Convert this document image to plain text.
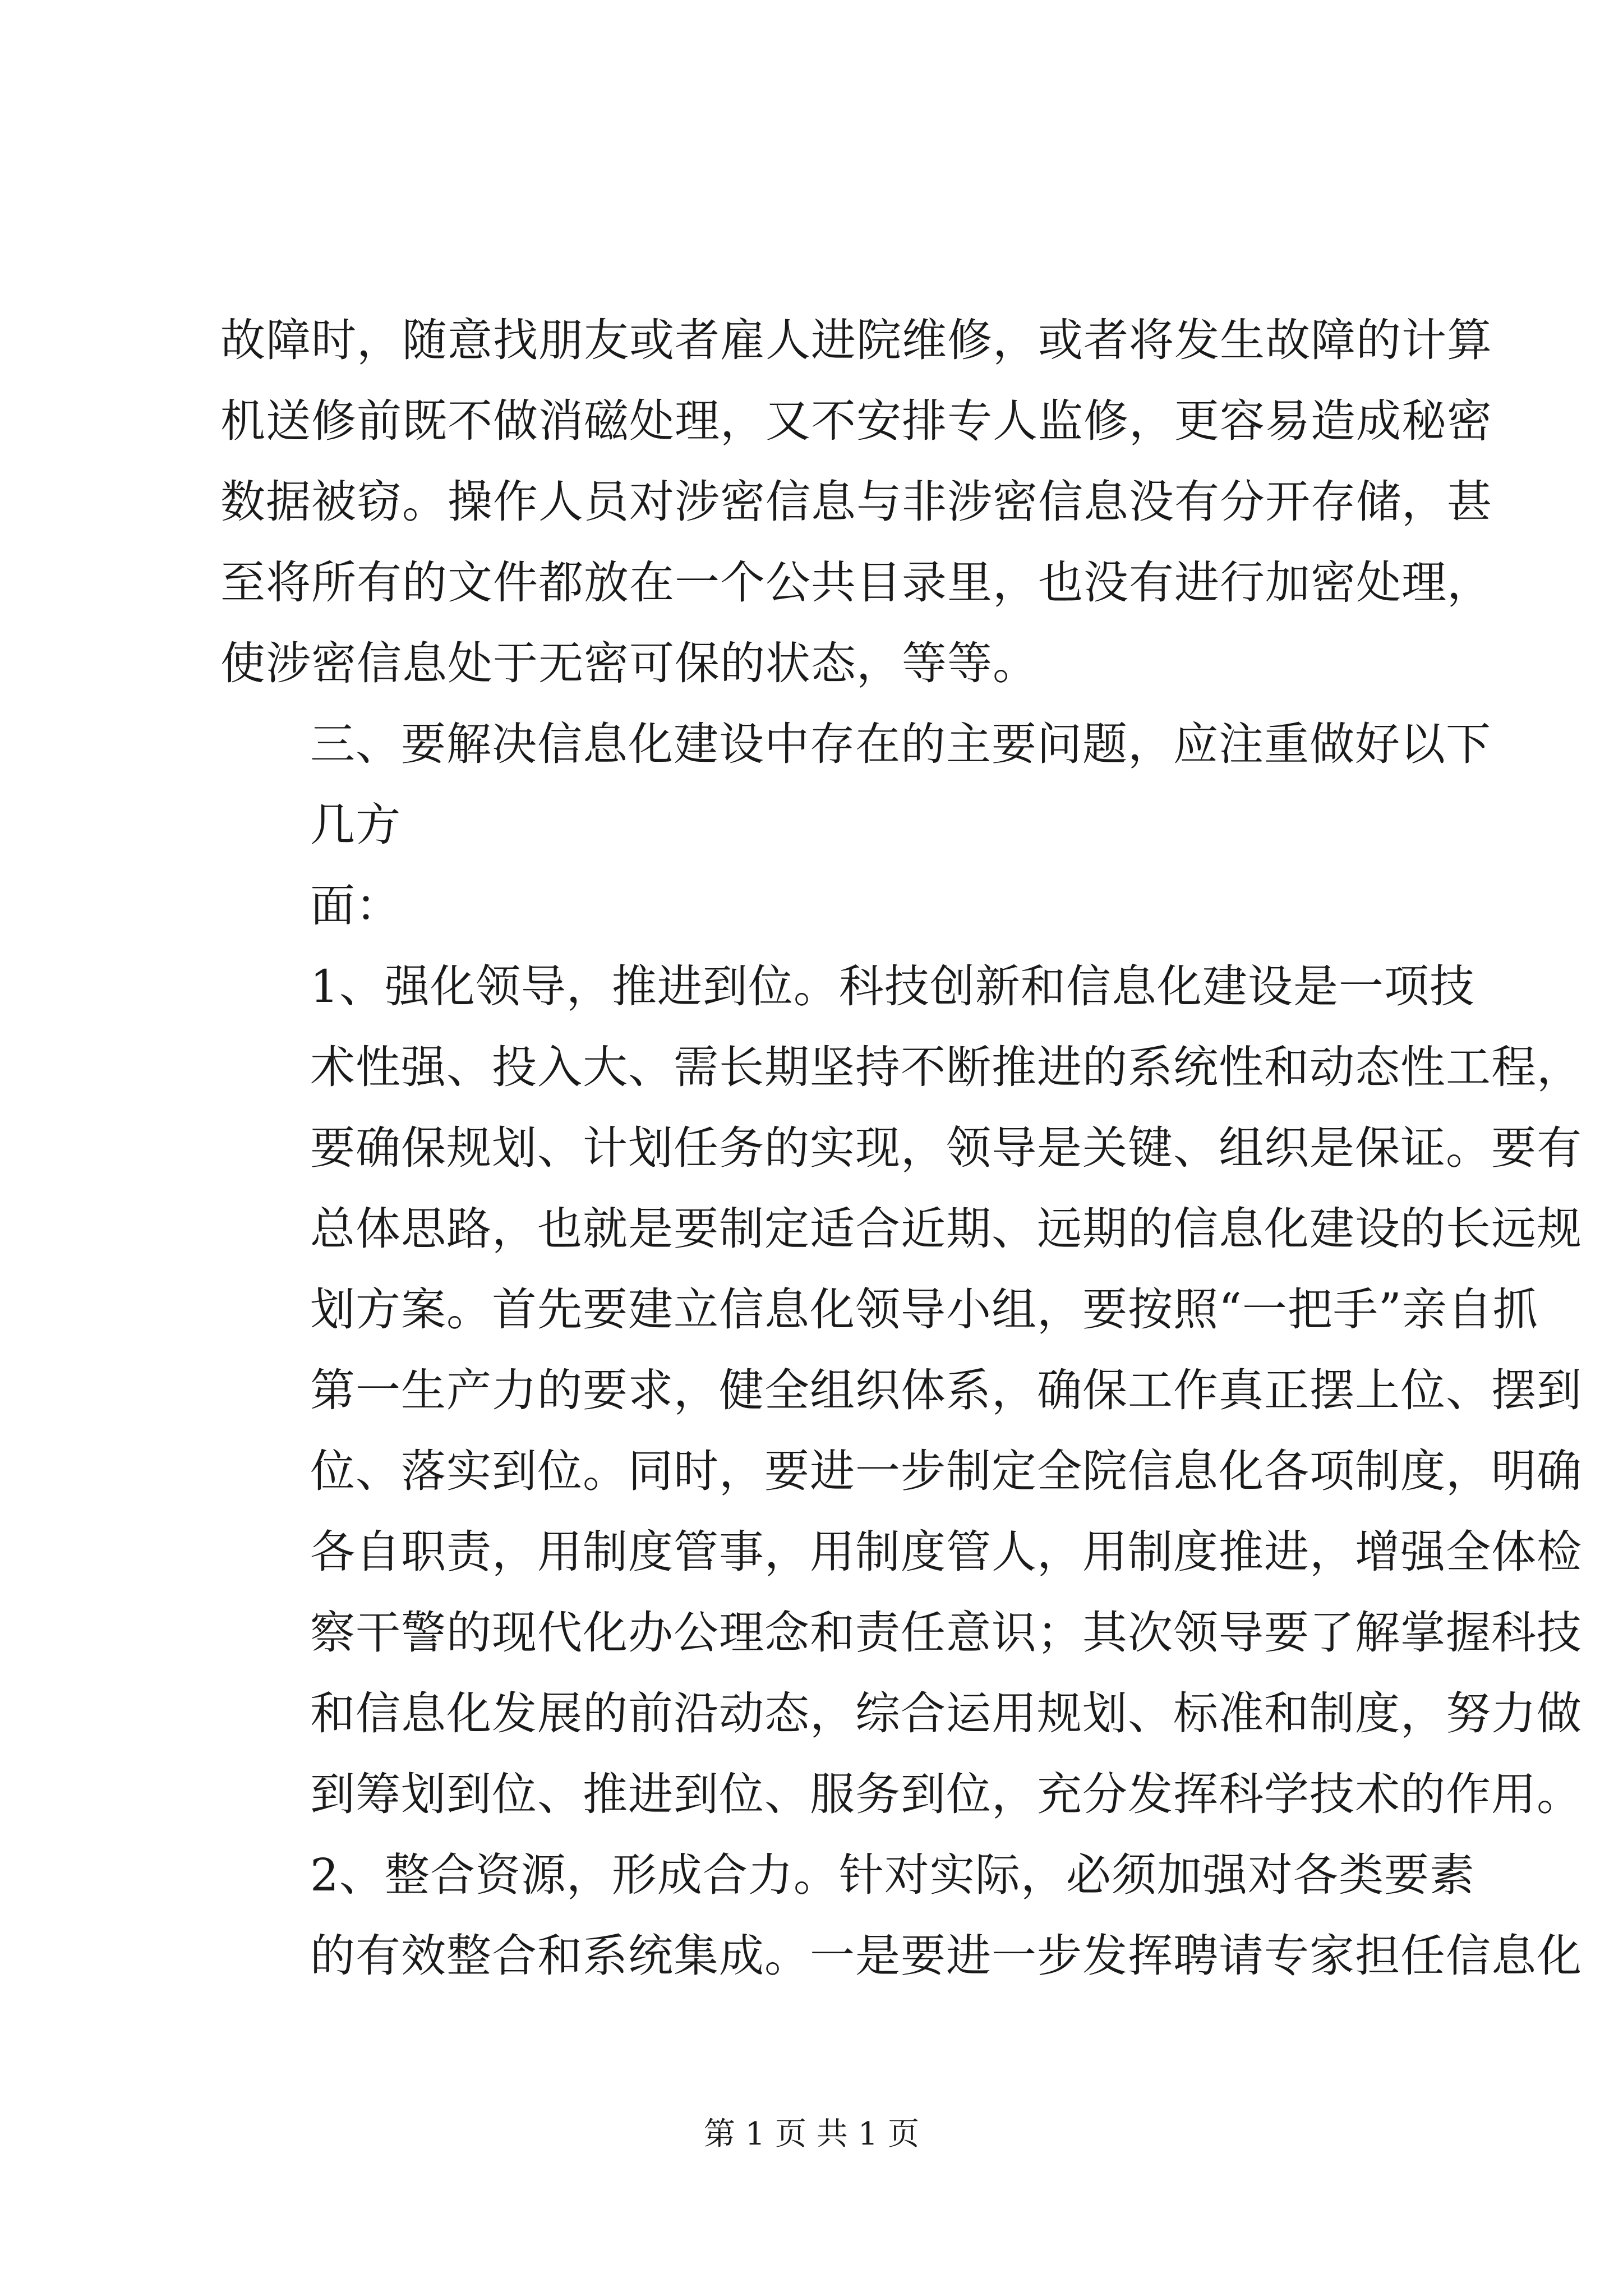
故障时，随意找朋友或者雇人进院维修，或者将发生故障的计算
机送修前既不做消磁处理，又不安排专人监修，更容易造成秘密
数据被窃。操作人员对涉密信息与非涉密信息没有分开存储，甚
至将所有的文件都放在一个公共目录里，也没有进行加密处理，
使涉密信息处于无密可保的状态，等等。
三、要解决信息化建设中存在的主要问题，应注重做好以下
几方
面：
1、强化领导，推进到位。科技创新和信息化建设是一项技
术性强、投入大、需长期坚持不断推进的系统性和动态性工程，
要确保规划、计划任务的实现，领导是关键、组织是保证。要有
总体思路，也就是要制定适合近期、远期的信息化建设的长远规
划方案。首先要建立信息化领导小组，要按照“一把手”亲自抓
第一生产力的要求，健全组织体系，确保工作真正摆上位、摆到
位、落实到位。同时，要进一步制定全院信息化各项制度，明确
各自职责，用制度管事，用制度管人，用制度推进，增强全体检
察干警的现代化办公理念和责任意识；其次领导要了解掌握科技
和信息化发展的前沿动态，综合运用规划、标准和制度，努力做
到筹划到位、推进到位、服务到位，充分发挥科学技术的作用。
2、整合资源，形成合力。针对实际，必须加强对各类要素
的有效整合和系统集成。一是要进一步发挥聘请专家担任信息化
第 1 页 共 1 页
